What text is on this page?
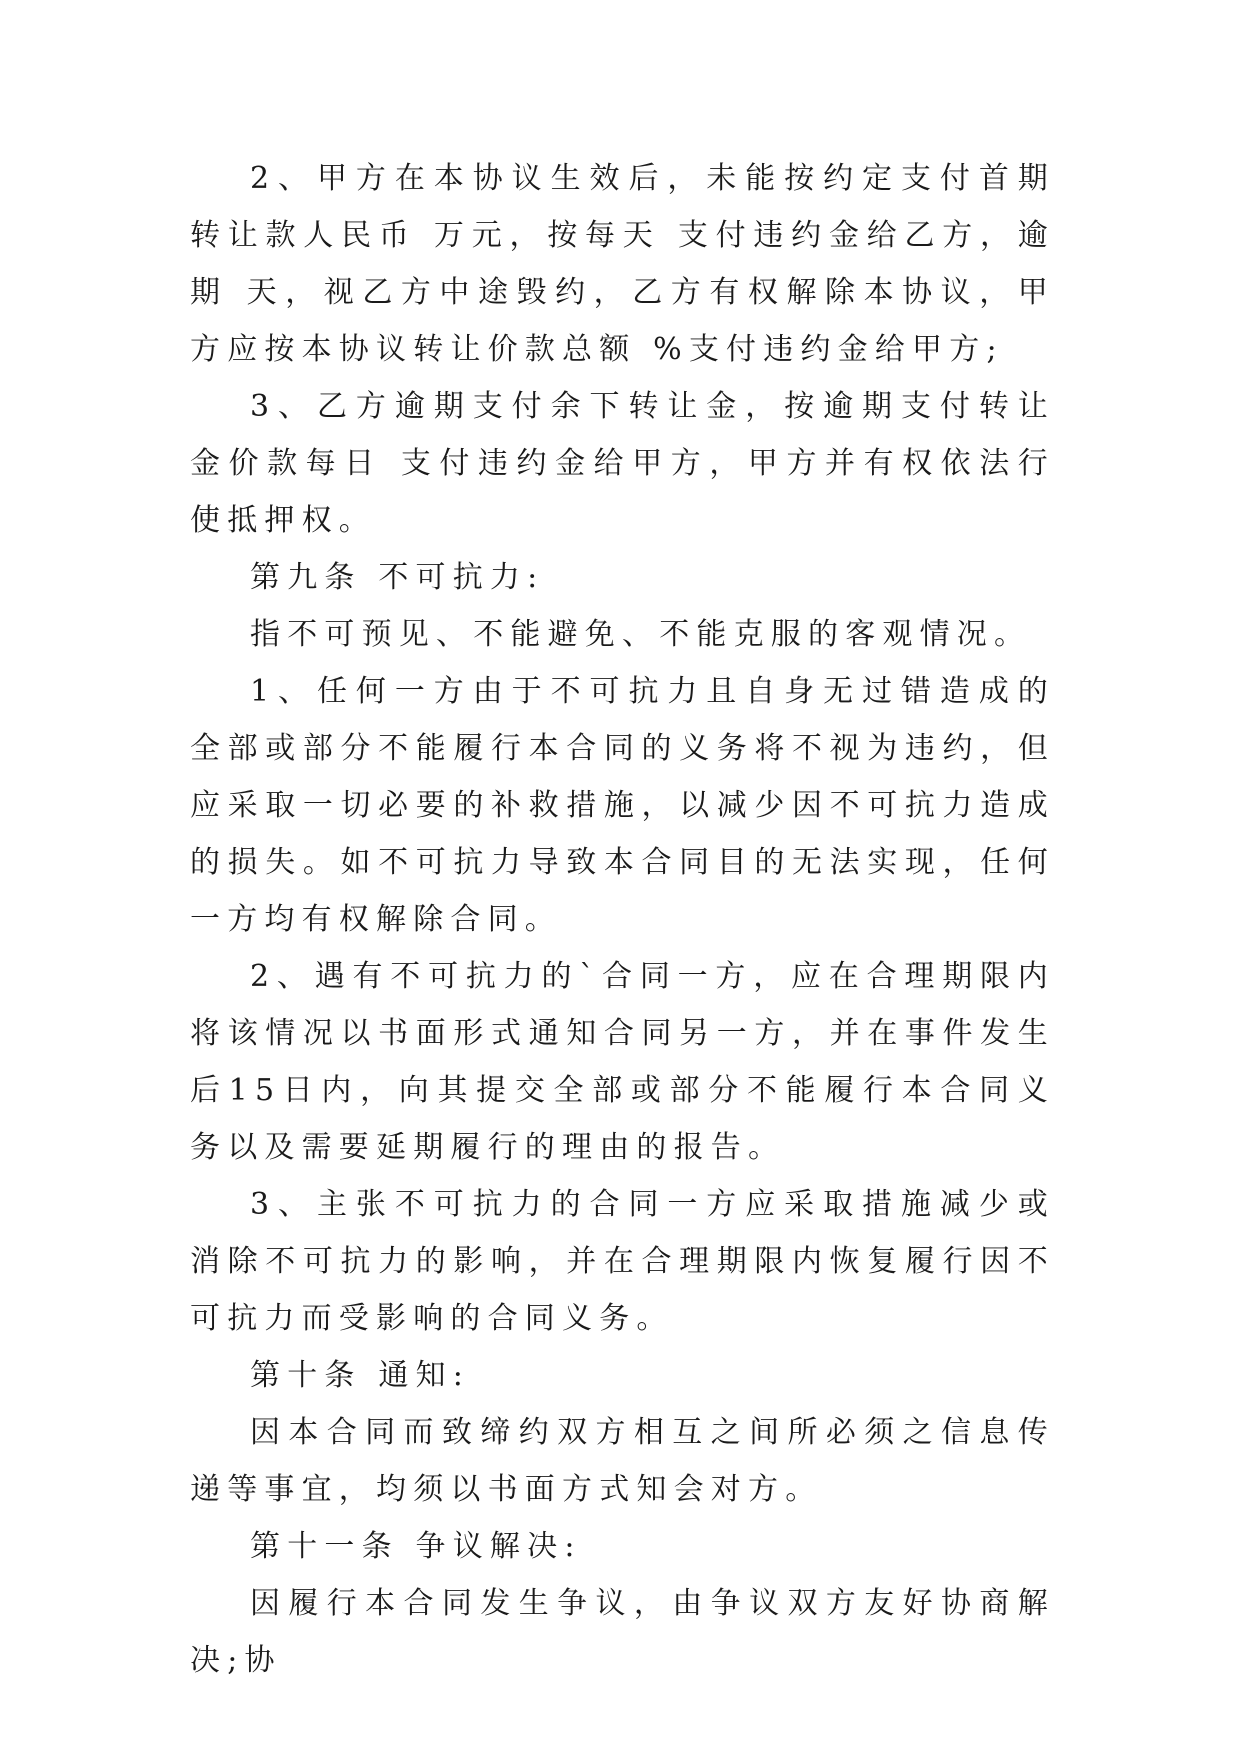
2、甲方在本协议生效后，未能按约定支付首期转让款人民币 万元，按每天 支付违约金给乙方，逾期 天，视乙方中途毁约，乙方有权解除本协议，甲方应按本协议转让价款总额 %支付违约金给甲方;

3、乙方逾期支付余下转让金，按逾期支付转让金价款每日 支付违约金给甲方，甲方并有权依法行使抵押权。

第九条 不可抗力:

指不可预见、不能避免、不能克服的客观情况。

1、任何一方由于不可抗力且自身无过错造成的全部或部分不能履行本合同的义务将不视为违约，但应采取一切必要的补救措施，以减少因不可抗力造成的损失。如不可抗力导致本合同目的无法实现，任何一方均有权解除合同。

2、遇有不可抗力的`合同一方，应在合理期限内将该情况以书面形式通知合同另一方，并在事件发生后15日内，向其提交全部或部分不能履行本合同义务以及需要延期履行的理由的报告。

3、主张不可抗力的合同一方应采取措施减少或消除不可抗力的影响，并在合理期限内恢复履行因不可抗力而受影响的合同义务。

第十条 通知:

因本合同而致缔约双方相互之间所必须之信息传递等事宜，均须以书面方式知会对方。

第十一条 争议解决:

因履行本合同发生争议，由争议双方友好协商解决;协
